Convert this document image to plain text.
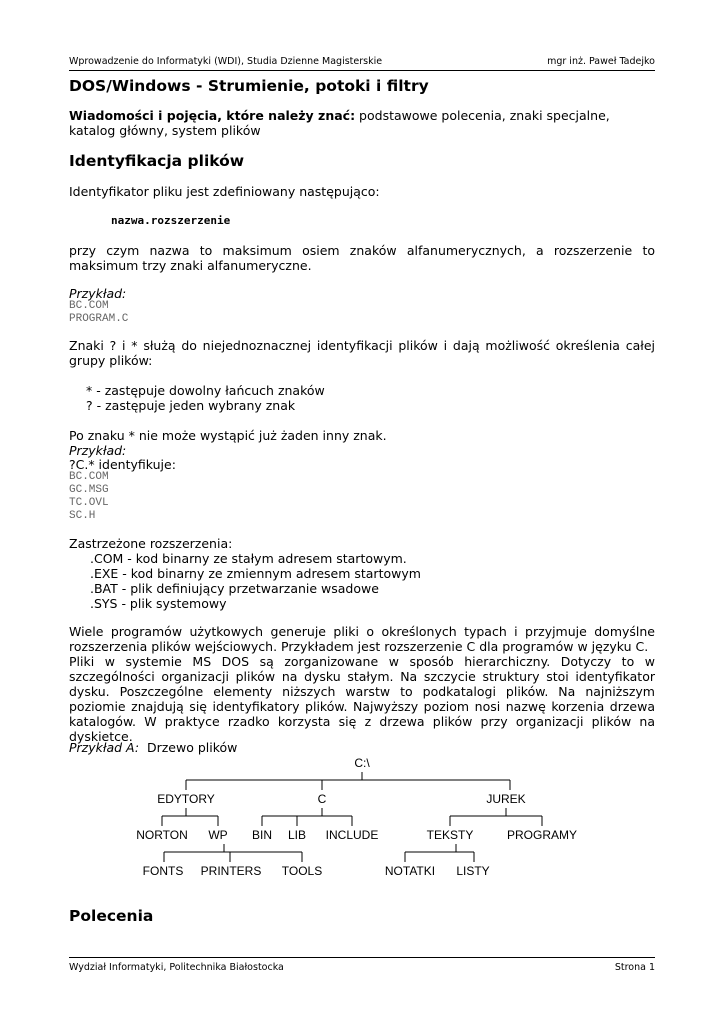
Wprowadzenie do Informatyki (WDI), Studia Dzienne Magisterskie	mgr inż. Paweł Tadejko
DOS/Windows - Strumienie, potoki i filtry

Wiadomości i pojęcia, które należy znać: podstawowe polecenia, znaki specjalne, katalog główny, system plików

Identyfikacja plików

Identyfikator pliku jest zdefiniowany następująco:

nazwa.rozszerzenie

przy czym nazwa to maksimum osiem znaków alfanumerycznych, a rozszerzenie to maksimum trzy znaki alfanumeryczne.

Przykład:

BC.COM

PROGRAM.C

Znaki ? i * służą do niejednoznacznej identyfikacji plików i dają możliwość określenia całej grupy plików:

* - zastępuje dowolny łańcuch znaków

? - zastępuje jeden wybrany znak

Po znaku * nie może wystąpić już żaden inny znak.

Przykład:

?C.* identyfikuje:

BC.COM

GC.MSG

TC.OVL

SC.H

Zastrzeżone rozszerzenia:

.COM - kod binarny ze stałym adresem startowym.

.EXE - kod binarny ze zmiennym adresem startowym

.BAT - plik definiujący przetwarzanie wsadowe

.SYS - plik systemowy

Wiele programów użytkowych generuje pliki o określonych typach i przyjmuje domyślne rozszerzenia plików wejściowych. Przykładem jest rozszerzenie C dla programów w języku C.

Pliki w systemie MS DOS są zorganizowane w sposób hierarchiczny. Dotyczy to w szczególności organizacji plików na dysku stałym. Na szczycie struktury stoi identyfikator dysku. Poszczególne elementy niższych warstw to podkatalogi plików. Na najniższym poziomie znajdują się identyfikatory plików. Najwyższy poziom nosi nazwę korzenia drzewa katalogów. W praktyce rzadko korzysta się z drzewa plików przy organizacji plików na dyskietce.

Przykład A: Drzewo plików

C:\
EDYTORY	C	JUREK
NORTON WP BIN LIB INCLUDE	TEKSTY	PROGRAMY
FONTS PRINTERS TOOLS	NOTATKI LISTY
Polecenia
Wydział Informatyki, Politechnika Białostocka	Strona 1
